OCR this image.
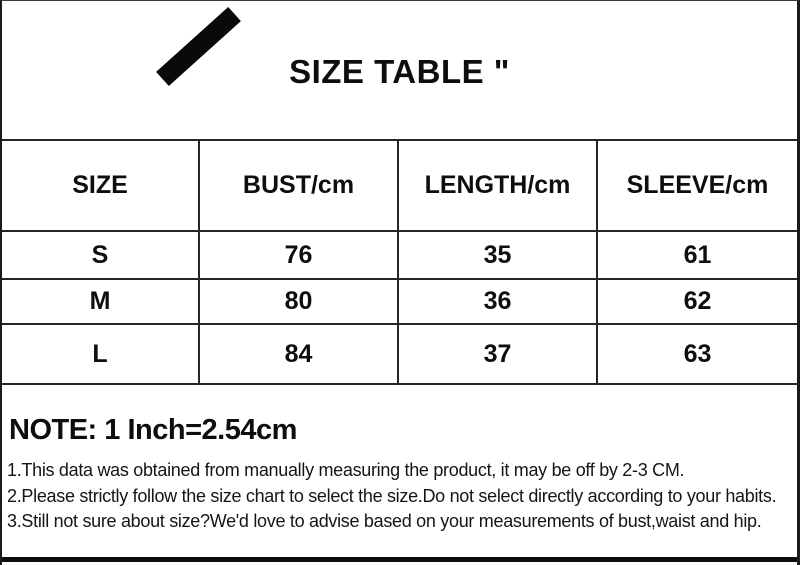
SIZE TABLE "
SIZE	BUST/cm	LENGTH/cm	SLEEVE/cm
S	76	35	61
M	80	36	62
L	84	37	63
NOTE: 1 Inch=2.54cm
1.This data was obtained from manually measuring the product, it may be off by 2-3 CM.
2.Please strictly follow the size chart to select the size.Do not select directly according to your habits.
3.Still not sure about size?We'd love to advise based on your measurements of bust,waist and hip.
